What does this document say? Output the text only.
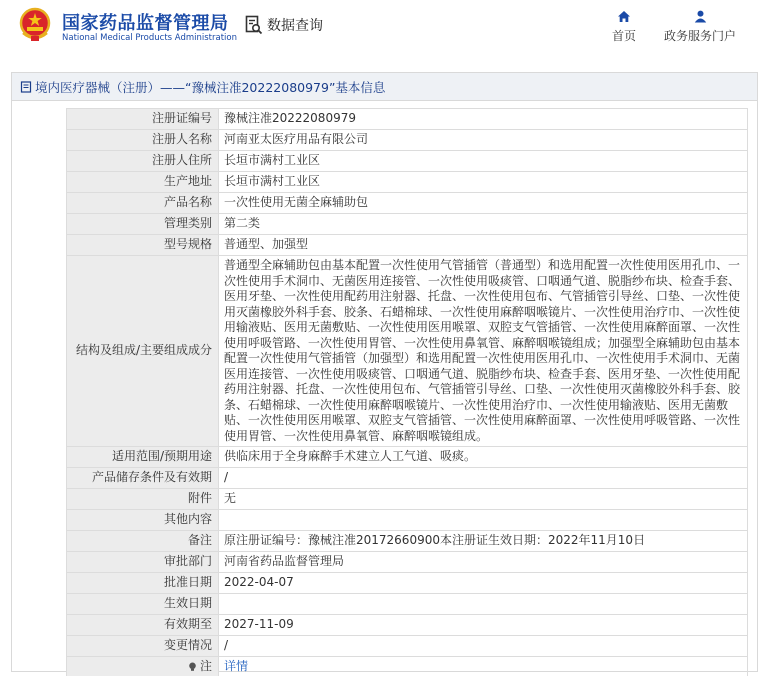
国家药品监督管理局
National Medical Products Administration
数据查询
首页	政务服务门户
境内医疗器械（注册）——“豫械注准20222080979”基本信息
注册证编号	豫械注准20222080979
注册人名称	河南亚太医疗用品有限公司
注册人住所	长垣市满村工业区
生产地址	长垣市满村工业区
产品名称	一次性使用无菌全麻辅助包
管理类别	第二类
型号规格	普通型、加强型
结构及组成/主要组成成分	普通型全麻辅助包由基本配置一次性使用气管插管（普通型）和选用配置一次性使用医用孔巾、一次性使用手术洞巾、无菌医用连接管、一次性使用吸痰管、口咽通气道、脱脂纱布块、检查手套、医用牙垫、一次性使用配药用注射器、托盘、一次性使用包布、气管插管引导丝、口垫、一次性使用灭菌橡胶外科手套、胶条、石蜡棉球、一次性使用麻醉咽喉镜片、一次性使用治疗巾、一次性使用输液贴、医用无菌敷贴、一次性使用医用喉罩、双腔支气管插管、一次性使用麻醉面罩、一次性使用呼吸管路、一次性使用胃管、一次性使用鼻氧管、麻醉咽喉镜组成；加强型全麻辅助包由基本配置一次性使用气管插管（加强型）和选用配置一次性使用医用孔巾、一次性使用手术洞巾、无菌医用连接管、一次性使用吸痰管、口咽通气道、脱脂纱布块、检查手套、医用牙垫、一次性使用配药用注射器、托盘、一次性使用包布、气管插管引导丝、口垫、一次性使用灭菌橡胶外科手套、胶条、石蜡棉球、一次性使用麻醉咽喉镜片、一次性使用治疗巾、一次性使用输液贴、医用无菌敷贴、一次性使用医用喉罩、双腔支气管插管、一次性使用麻醉面罩、一次性使用呼吸管路、一次性使用胃管、一次性使用鼻氧管、麻醉咽喉镜组成。
适用范围/预期用途	供临床用于全身麻醉手术建立人工气道、吸痰。
产品储存条件及有效期	/
附件	无
其他内容	
备注	原注册证编号：豫械注准20172660900本注册证生效日期：2022年11月10日
审批部门	河南省药品监督管理局
批准日期	2022-04-07
生效日期	
有效期至	2027-11-09
变更情况	/
注	详情
